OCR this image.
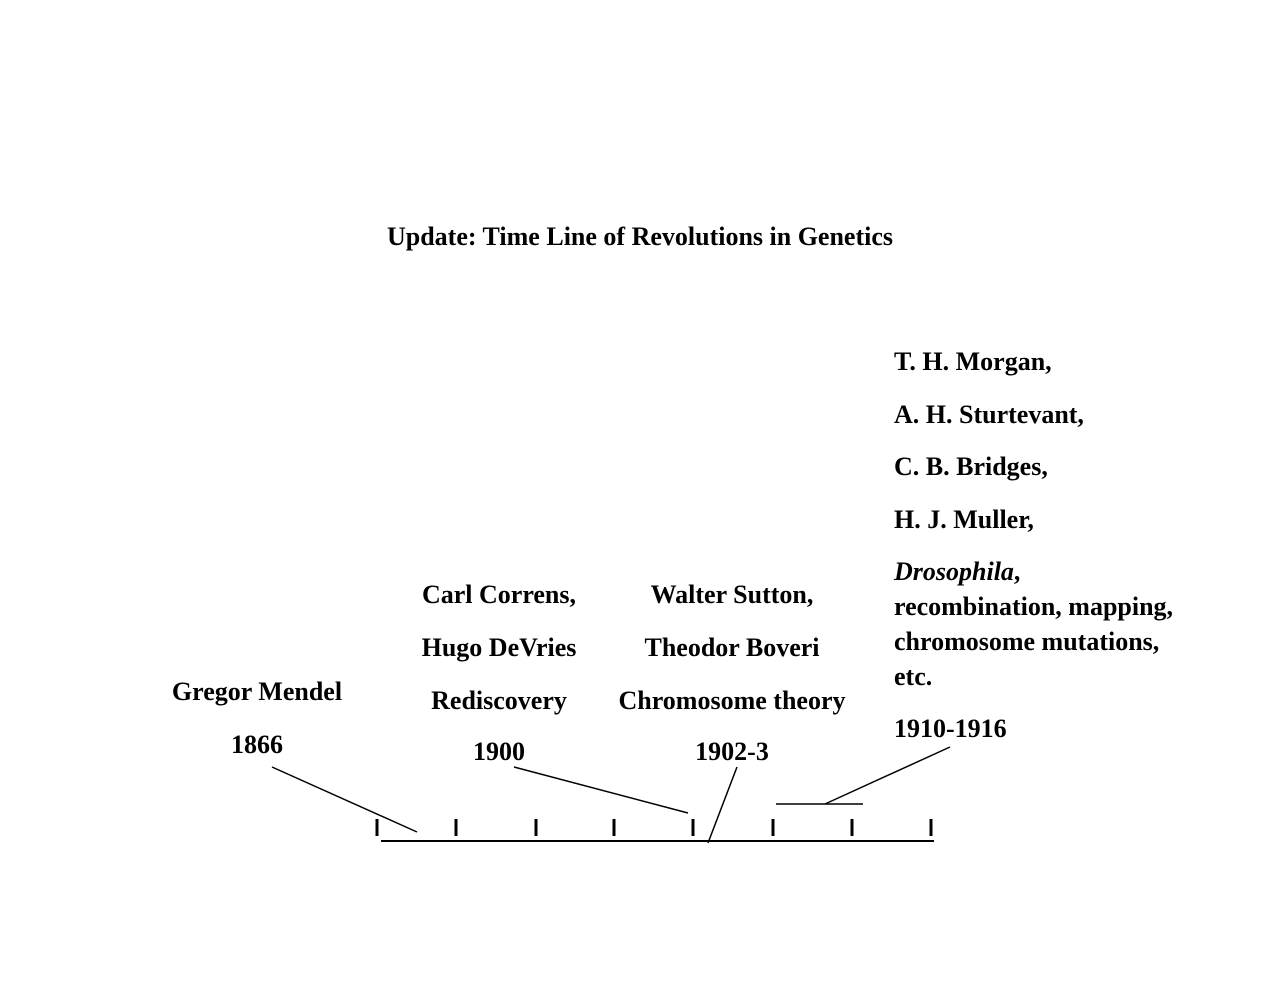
Update: Time Line of Revolutions in Genetics
Gregor Mendel
1866
Carl Correns,
Hugo DeVries
Rediscovery
1900
Walter Sutton,
Theodor Boveri
Chromosome theory
1902-3
T. H. Morgan,
A. H. Sturtevant,
C. B. Bridges,
H. J. Muller,
Drosophila,
recombination, mapping,
chromosome mutations,
etc.
1910-1916
